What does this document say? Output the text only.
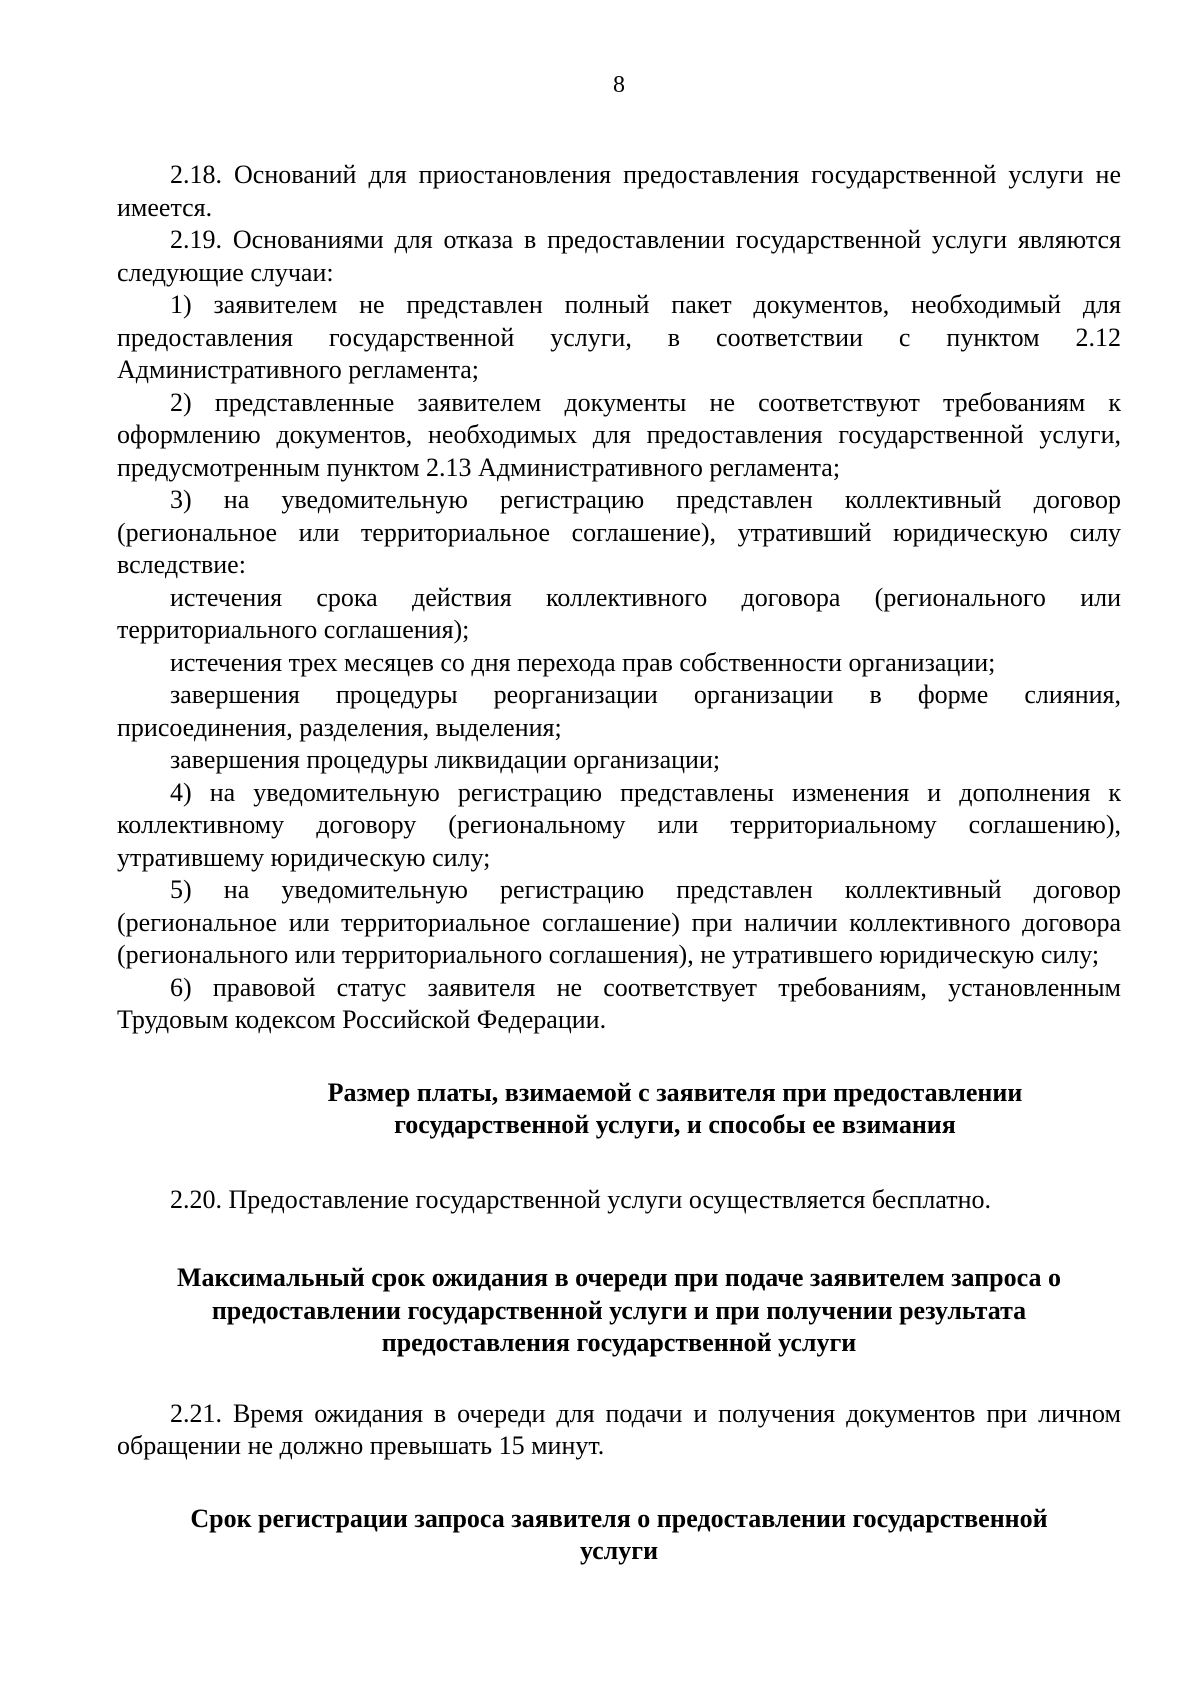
8

2.18. Оснований для приостановления предоставления государственной услуги не имеется.

2.19. Основаниями для отказа в предоставлении государственной услуги являются следующие случаи:

1) заявителем не представлен полный пакет документов, необходимый для предоставления государственной услуги, в соответствии с пунктом 2.12 Административного регламента;

2) представленные заявителем документы не соответствуют требованиям к оформлению документов, необходимых для предоставления государственной услуги, предусмотренным пунктом 2.13 Административного регламента;

3) на уведомительную регистрацию представлен коллективный договор (региональное или территориальное соглашение), утративший юридическую силу вследствие:

истечения срока действия коллективного договора (регионального или территориального соглашения);

истечения трех месяцев со дня перехода прав собственности организации;

завершения процедуры реорганизации организации в форме слияния, присоединения, разделения, выделения;

завершения процедуры ликвидации организации;

4) на уведомительную регистрацию представлены изменения и дополнения к коллективному договору (региональному или территориальному соглашению), утратившему юридическую силу;

5) на уведомительную регистрацию представлен коллективный договор (региональное или территориальное соглашение) при наличии коллективного договора (регионального или территориального соглашения), не утратившего юридическую силу;

6) правовой статус заявителя не соответствует требованиям, установленным Трудовым кодексом Российской Федерации.

Размер платы, взимаемой с заявителя при предоставлении
государственной услуги, и способы ее взимания

2.20. Предоставление государственной услуги осуществляется бесплатно.

Максимальный срок ожидания в очереди при подаче заявителем запроса о
предоставлении государственной услуги и при получении результата
предоставления государственной услуги

2.21. Время ожидания в очереди для подачи и получения документов при личном обращении не должно превышать 15 минут.

Срок регистрации запроса заявителя о предоставлении государственной
услуги
